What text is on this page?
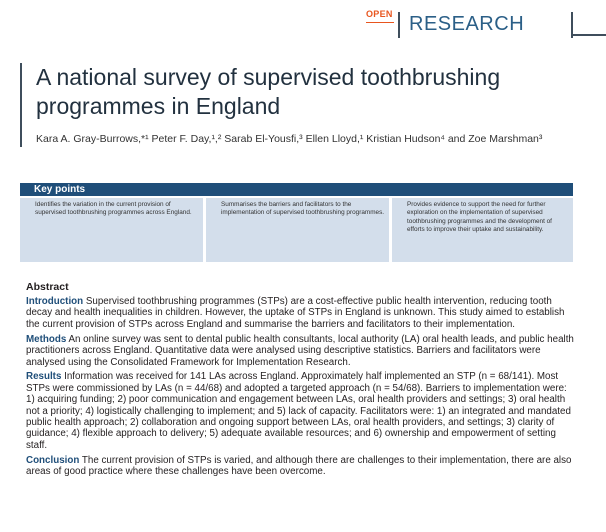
OPEN RESEARCH
A national survey of supervised toothbrushing programmes in England
Kara A. Gray-Burrows,*¹ Peter F. Day,¹,² Sarab El-Yousfi,³ Ellen Lloyd,¹ Kristian Hudson⁴ and Zoe Marshman³
Key points
Identifies the variation in the current provision of supervised toothbrushing programmes across England.
Summarises the barriers and facilitators to the implementation of supervised toothbrushing programmes.
Provides evidence to support the need for further exploration on the implementation of supervised toothbrushing programmes and the development of efforts to improve their uptake and sustainability.
Abstract

Introduction Supervised toothbrushing programmes (STPs) are a cost-effective public health intervention, reducing tooth decay and health inequalities in children. However, the uptake of STPs in England is unknown. This study aimed to establish the current provision of STPs across England and summarise the barriers and facilitators to their implementation.

Methods An online survey was sent to dental public health consultants, local authority (LA) oral health leads, and public health practitioners across England. Quantitative data were analysed using descriptive statistics. Barriers and facilitators were analysed using the Consolidated Framework for Implementation Research.

Results Information was received for 141 LAs across England. Approximately half implemented an STP (n = 68/141). Most STPs were commissioned by LAs (n = 44/68) and adopted a targeted approach (n = 54/68). Barriers to implementation were: 1) acquiring funding; 2) poor communication and engagement between LAs, oral health providers and settings; 3) oral health not a priority; 4) logistically challenging to implement; and 5) lack of capacity. Facilitators were: 1) an integrated and mandated public health approach; 2) collaboration and ongoing support between LAs, oral health providers, and settings; 3) clarity of guidance; 4) flexible approach to delivery; 5) adequate available resources; and 6) ownership and empowerment of setting staff.

Conclusion The current provision of STPs is varied, and although there are challenges to their implementation, there are also areas of good practice where these challenges have been overcome.
